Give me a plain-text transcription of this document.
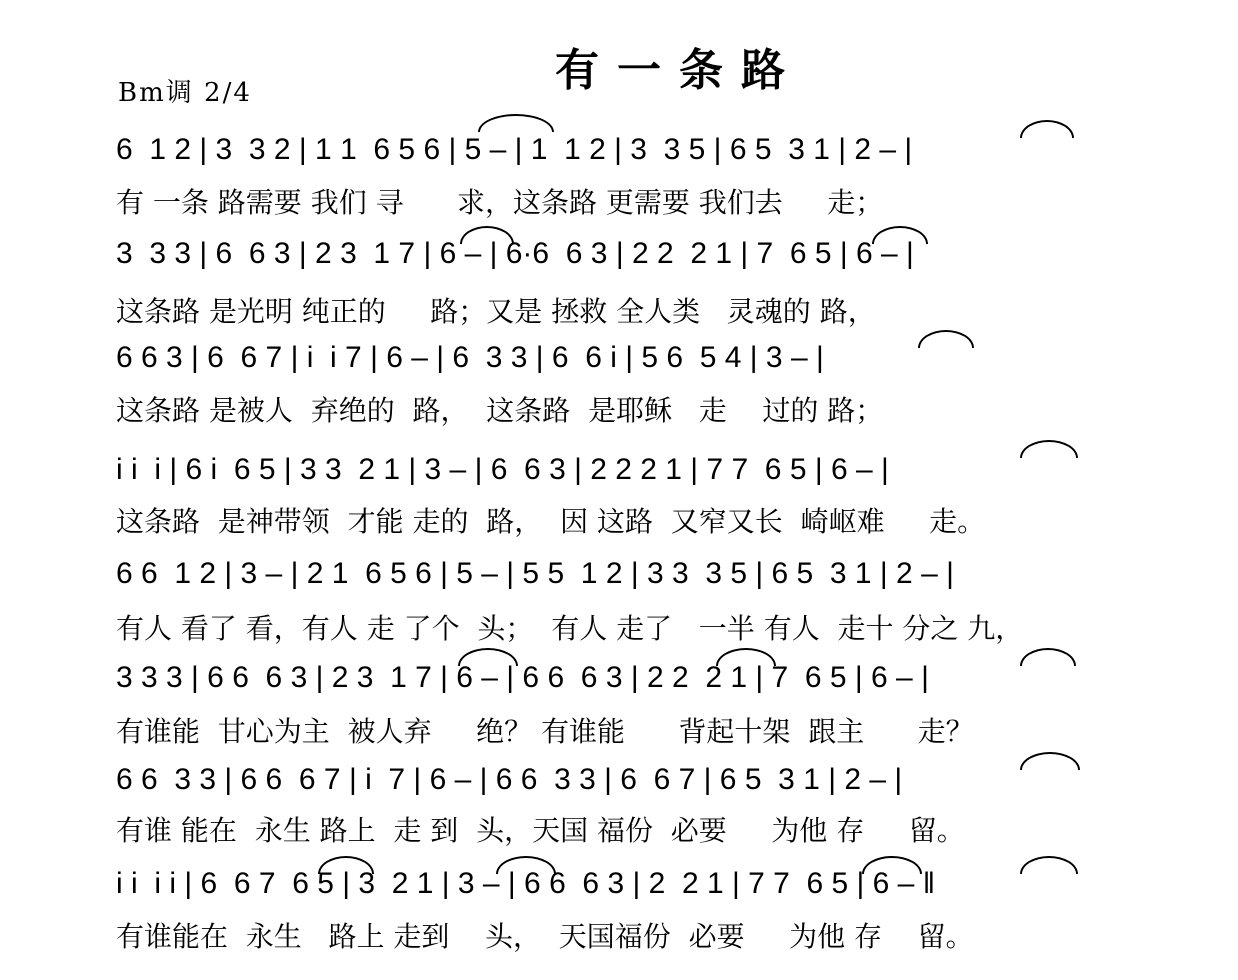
有一条路
Bm调 2/4
6  1 2 | 3  3 2 | 1 1  6 5 6 | 5 – | 1  1 2 | 3  3 5 | 6 5  3 1 | 2 – |
有 一条 路需要 我们 寻      求，这条路 更需要 我们去     走；
3  3 3 | 6  6 3 | 2 3  1 7 | 6 – | 6·6  6 3 | 2 2  2 1 | 7  6 5 | 6 – |
这条路 是光明 纯正的     路；又是 拯救 全人类   灵魂的 路，
6 6 3 | 6  6 7 | i  i 7 | 6 – | 6  3 3 | 6  6 i | 5 6  5 4 | 3 – |
这条路 是被人  弃绝的  路，  这条路  是耶稣   走    过的 路；
i i  i | 6 i  6 5 | 3 3  2 1 | 3 – | 6  6 3 | 2 2 2 1 | 7 7  6 5 | 6 – |
这条路  是神带领  才能 走的  路，  因 这路  又窄又长  崎岖难     走。
6 6  1 2 | 3 – | 2 1  6 5 6 | 5 – | 5 5  1 2 | 3 3  3 5 | 6 5  3 1 | 2 – |
有人 看了 看，有人 走 了个  头；  有人 走了   一半 有人  走十 分之 九，
3 3 3 | 6 6  6 3 | 2 3  1 7 | 6 – | 6 6  6 3 | 2 2  2 1 | 7  6 5 | 6 – |
有谁能  甘心为主  被人弃     绝？ 有谁能      背起十架  跟主      走？
6 6  3 3 | 6 6  6 7 | i  7 | 6 – | 6 6  3 3 | 6  6 7 | 6 5  3 1 | 2 – |
有谁 能在  永生 路上  走 到  头，天国 福份  必要     为他 存     留。
i i  i i | 6  6 7  6 5 | 3  2 1 | 3 – | 6 6  6 3 | 2  2 1 | 7 7  6 5 | 6 – ‖
有谁能在  永生   路上 走到    头，  天国福份  必要     为他 存    留。
